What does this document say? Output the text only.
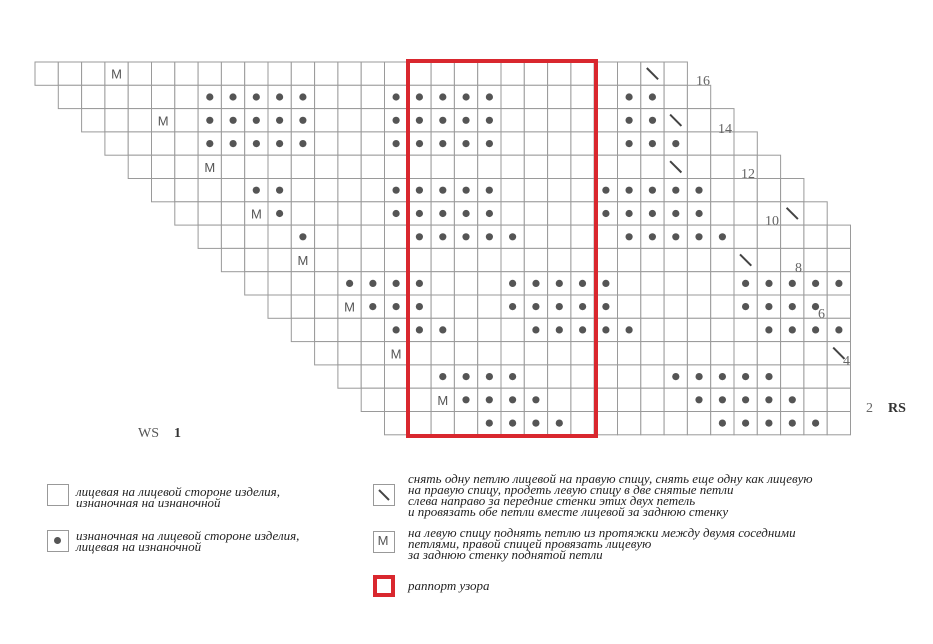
M
M
M
M
M
M
M
M
16
14
12
10
8
6
4
2 RS
WS 1
лицевая на лицевой стороне изделия,
изнаночная на изнаночной
изнаночная на лицевой стороне изделия,
лицевая на изнаночной
снять одну петлю лицевой на правую спицу, снять еще одну как лицевую
на правую спицу, продеть левую спицу в две снятые петли
слева направо за передние стенки этих двух петель
и провязать обе петли вместе лицевой за заднюю стенку
M
на левую спицу поднять петлю из протяжки между двумя соседними
петлями, правой спицей провязать лицевую
за заднюю стенку поднятой петли
раппорт узора
